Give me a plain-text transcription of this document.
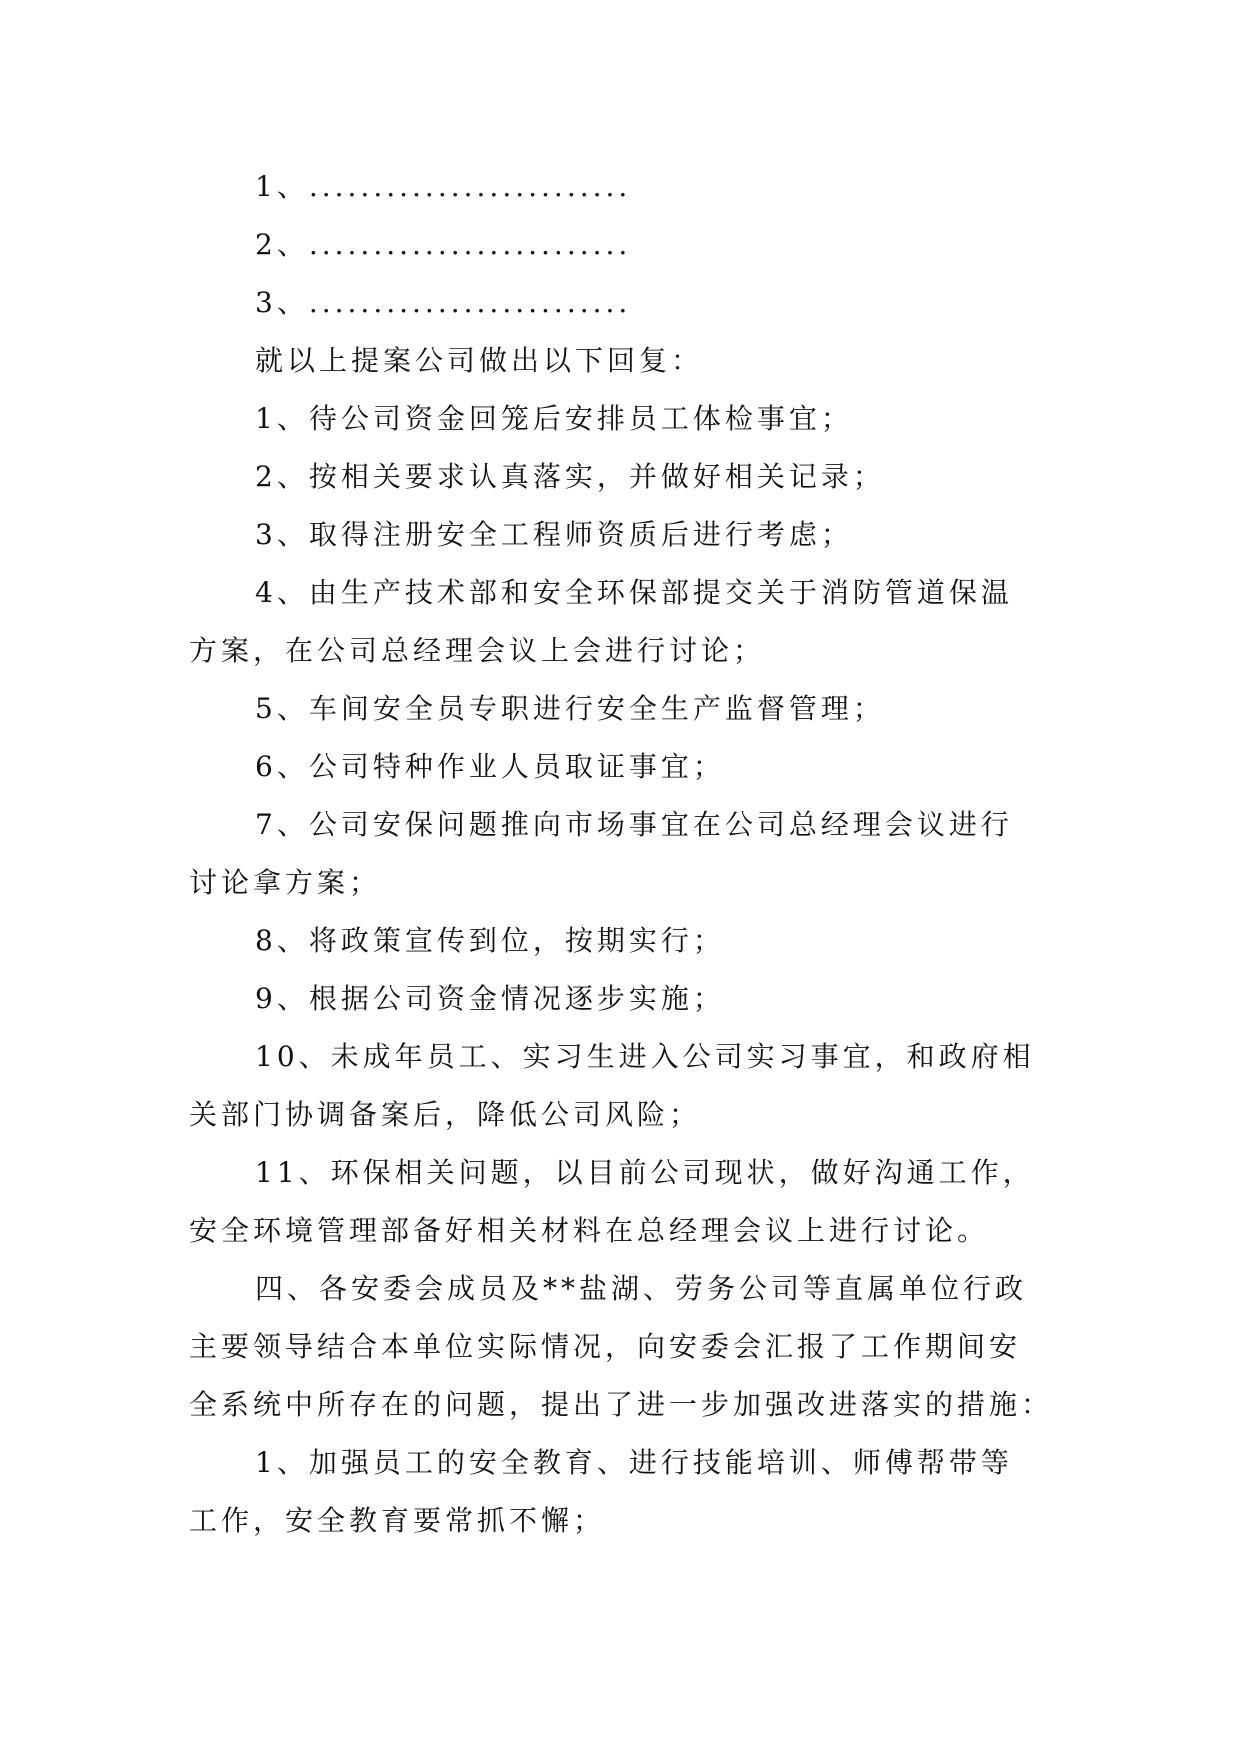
1、.........................
2、.........................
3、.........................
就以上提案公司做出以下回复：
1、待公司资金回笼后安排员工体检事宜；
2、按相关要求认真落实，并做好相关记录；
3、取得注册安全工程师资质后进行考虑；
4、由生产技术部和安全环保部提交关于消防管道保温
方案，在公司总经理会议上会进行讨论；
5、车间安全员专职进行安全生产监督管理；
6、公司特种作业人员取证事宜；
7、公司安保问题推向市场事宜在公司总经理会议进行
讨论拿方案；
8、将政策宣传到位，按期实行；
9、根据公司资金情况逐步实施；
10、未成年员工、实习生进入公司实习事宜，和政府相
关部门协调备案后，降低公司风险；
11、环保相关问题，以目前公司现状，做好沟通工作，
安全环境管理部备好相关材料在总经理会议上进行讨论。
四、各安委会成员及**盐湖、劳务公司等直属单位行政
主要领导结合本单位实际情况，向安委会汇报了工作期间安
全系统中所存在的问题，提出了进一步加强改进落实的措施：
1、加强员工的安全教育、进行技能培训、师傅帮带等
工作，安全教育要常抓不懈；
